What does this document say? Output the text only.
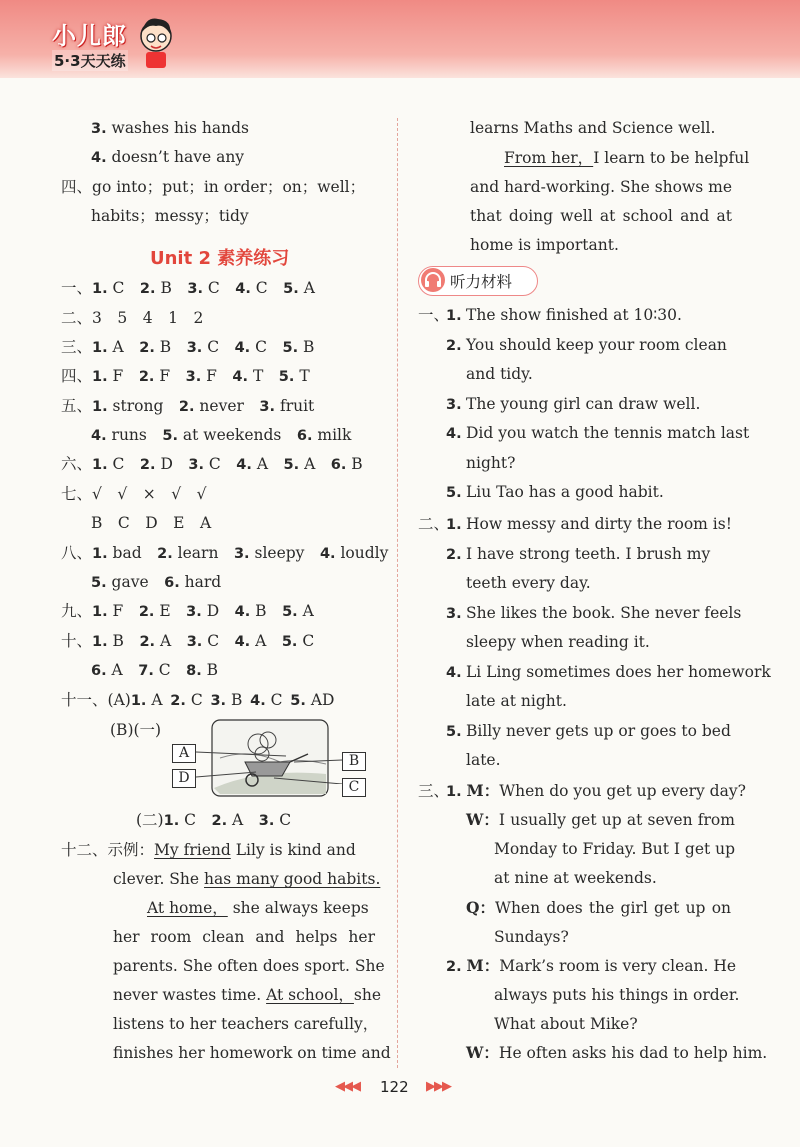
小儿郎
5·3天天练
3. washes his hands
4. doesn’t have any
四、go into；put；in order；on；well；
habits；messy；tidy
Unit 2 素养练习
一、1. C  2. B  3. C  4. C  5. A
二、3　5　4　1　2
三、1. A  2. B  3. C  4. C  5. B
四、1. F  2. F  3. F  4. T  5. T
五、1. strong  2. never  3. fruit
4. runs  5. at weekends  6. milk
六、1. C  2. D  3. C  4. A  5. A  6. B
七、√　√　×　√　√
B　C　D　E　A
八、1. bad  2. learn  3. sleepy  4. loudly
5. gave  6. hard
九、1. F  2. E  3. D  4. B  5. A
十、1. B  2. A  3. C  4. A  5. C
6. A  7. C  8. B
十一、(A)1. A  2. C  3. B  4. C  5. AD
(B)(一)
A
D
B
C
(二)1. C  2. A  3. C
十二、示例：My friend Lily is kind and
clever. She has many good habits.
At home， she always keeps
her room clean and helps her
parents. She often does sport. She
never wastes time. At school，she
listens to her teachers carefully，
finishes her homework on time and
learns Maths and Science well.
From her，I learn to be helpful
and hard-working. She shows me
that doing well at school and at
home is important.
听力材料
一、
1. The show finished at 10∶30.
2. You should keep your room clean
and tidy.
3. The young girl can draw well.
4. Did you watch the tennis match last
night?
5. Liu Tao has a good habit.
二、
1. How messy and dirty the room is!
2. I have strong teeth. I brush my
teeth every day.
3. She likes the book. She never feels
sleepy when reading it.
4. Li Ling sometimes does her homework
late at night.
5. Billy never gets up or goes to bed
late.
三、
1. M：When do you get up every day?
W：I usually get up at seven from
Monday to Friday. But I get up
at nine at weekends.
Q：When does the girl get up on
Sundays?
2. M：Mark’s room is very clean. He
always puts his things in order.
What about Mike?
W：He often asks his dad to help him.
◀◀◀ 122 ▶▶▶
